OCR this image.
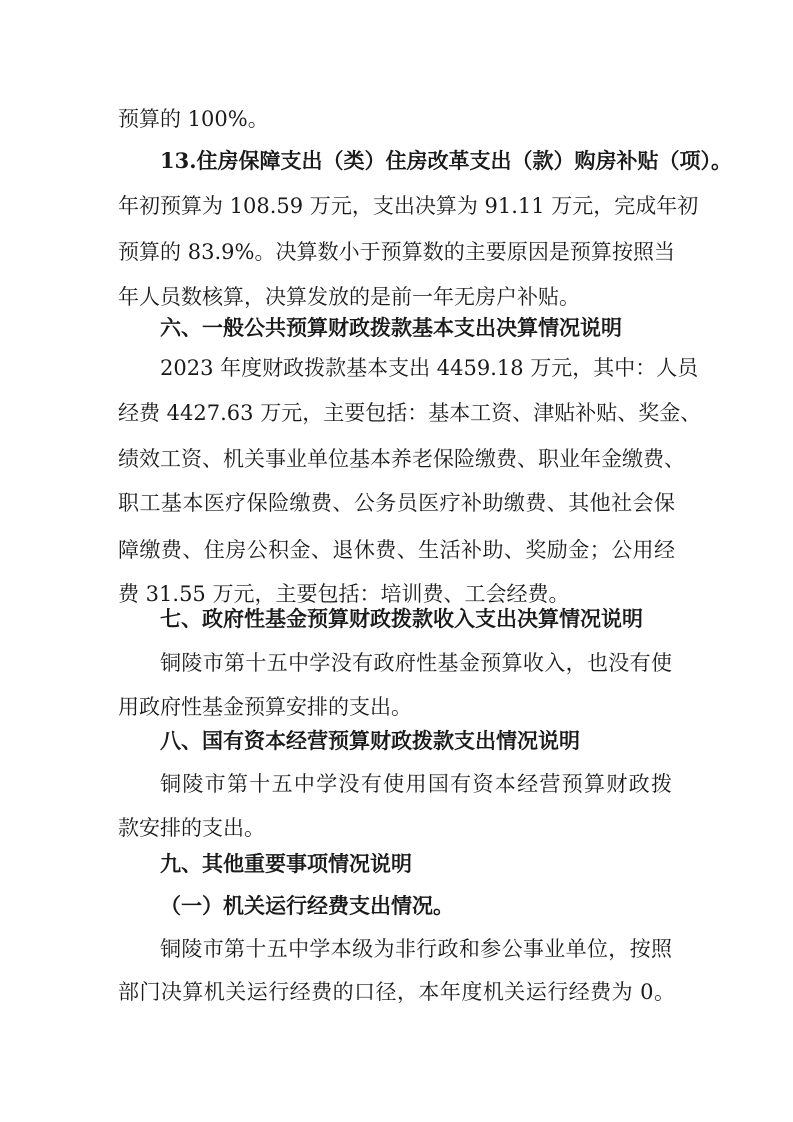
预算的 100%。
13.住房保障支出（类）住房改革支出（款）购房补贴（项）。
年初预算为 108.59 万元，支出决算为 91.11 万元，完成年初
预算的 83.9%。决算数小于预算数的主要原因是预算按照当
年人员数核算，决算发放的是前一年无房户补贴。
六、一般公共预算财政拨款基本支出决算情况说明
2023 年度财政拨款基本支出 4459.18 万元，其中：人员
经费 4427.63 万元，主要包括：基本工资、津贴补贴、奖金、
绩效工资、机关事业单位基本养老保险缴费、职业年金缴费、
职工基本医疗保险缴费、公务员医疗补助缴费、其他社会保
障缴费、住房公积金、退休费、生活补助、奖励金；公用经
费 31.55 万元，主要包括：培训费、工会经费。
七、政府性基金预算财政拨款收入支出决算情况说明
铜陵市第十五中学没有政府性基金预算收入，也没有使
用政府性基金预算安排的支出。
八、国有资本经营预算财政拨款支出情况说明
铜陵市第十五中学没有使用国有资本经营预算财政拨
款安排的支出。
九、其他重要事项情况说明
（一）机关运行经费支出情况。
铜陵市第十五中学本级为非行政和参公事业单位，按照
部门决算机关运行经费的口径，本年度机关运行经费为 0。
